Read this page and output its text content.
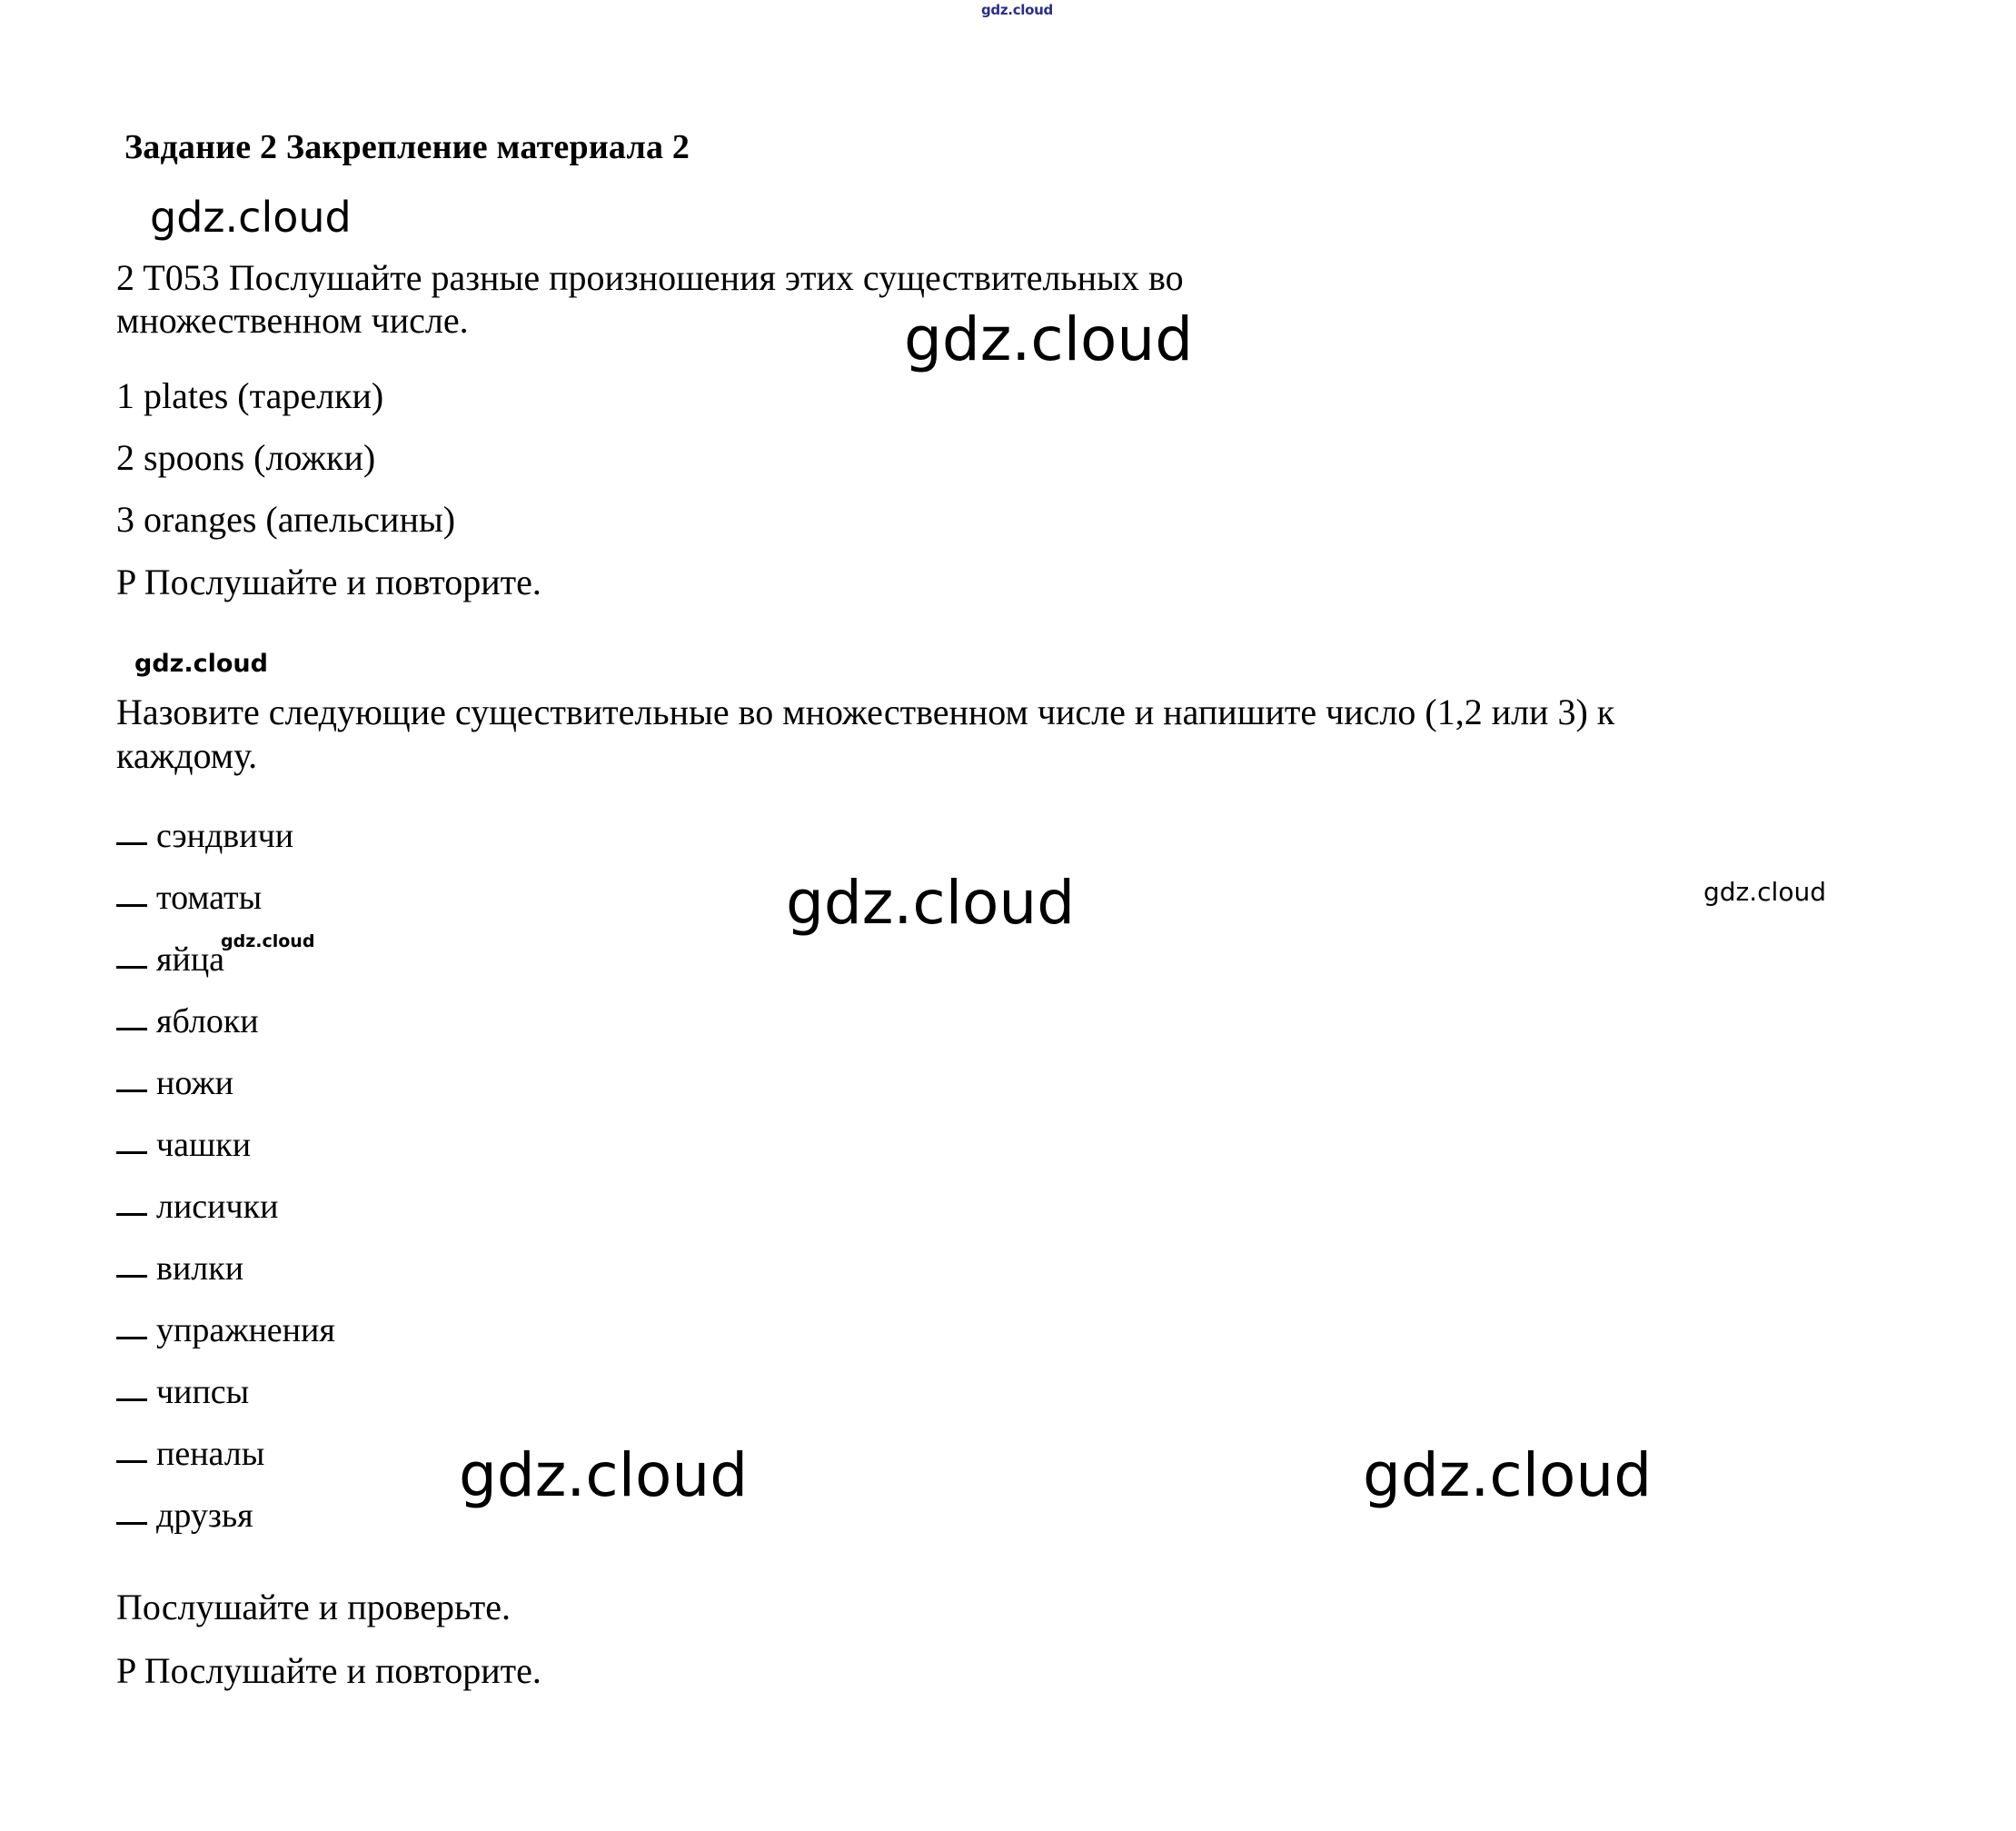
gdz.cloud
Задание 2 Закрепление материала 2
gdz.cloud
2 T053 Послушайте разные произношения этих существительных во
множественном числе.	gdz.cloud
1 plates (тарелки)
2 spoons (ложки)
3 oranges (апельсины)
P Послушайте и повторите.
gdz.cloud
Назовите следующие существительные во множественном числе и напишите число (1,2 или 3) к каждому.
сэндвичи
томаты
яйца
яблоки
ножи
чашки
лисички
вилки
упражнения
чипсы
пеналы
друзья
gdz.cloud	gdz.cloud
gdz.cloud
gdz.cloud	gdz.cloud
Послушайте и проверьте.
P Послушайте и повторите.
